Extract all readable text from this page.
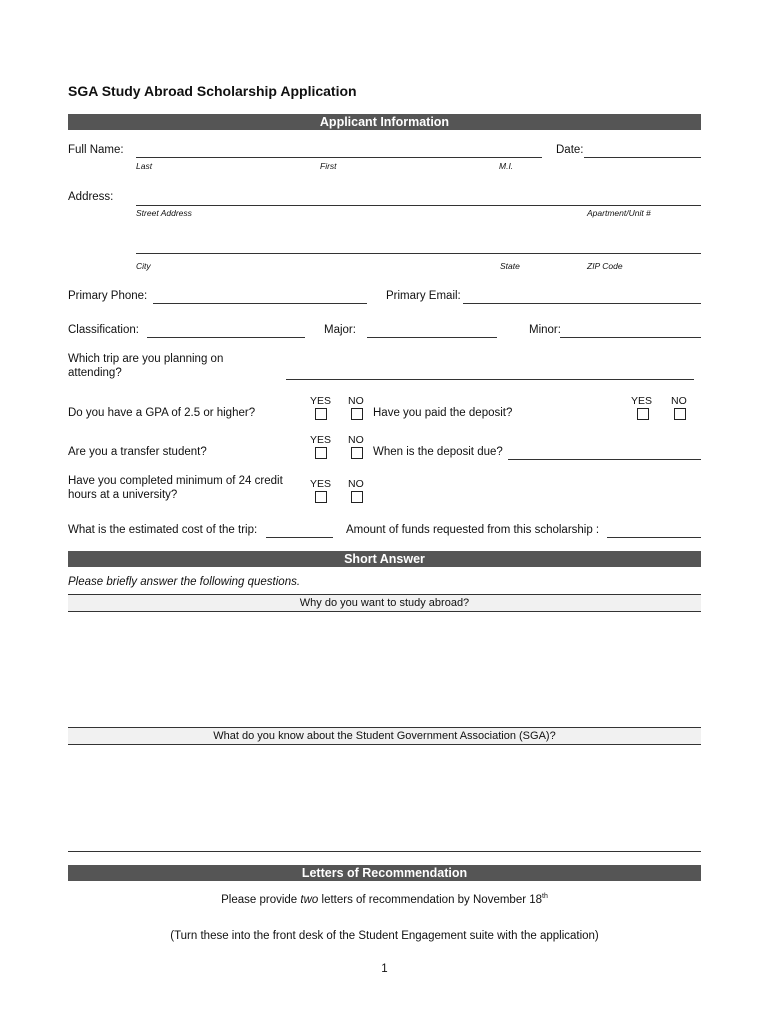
SGA Study Abroad Scholarship Application
Applicant Information
Full Name:	Date:
Last	First	M.I.
Address:
Street Address	Apartment/Unit #
City	State	ZIP Code
Primary Phone:	Primary Email:
Classification:	Major:	Minor:
Which trip are you planning on
attending?
YES NO	YES NO
Do you have a GPA of 2.5 or higher?	Have you paid the deposit?
YES NO
Are you a transfer student?	When is the deposit due?
Have you completed minimum of 24 credit
hours at a university?
YES NO
What is the estimated cost of the trip:	Amount of funds requested from this scholarship :
Short Answer
Please briefly answer the following questions.
Why do you want to study abroad?
What do you know about the Student Government Association (SGA)?
Letters of Recommendation
Please provide two letters of recommendation by November 18th
(Turn these into the front desk of the Student Engagement suite with the application)
1
